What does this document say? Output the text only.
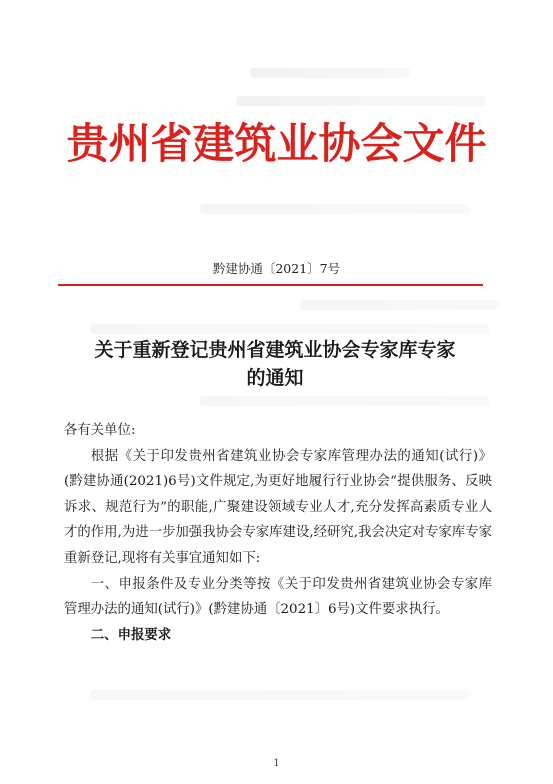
贵州省建筑业协会文件
黔建协通〔2021〕7号
关于重新登记贵州省建筑业协会专家库专家
的通知

各有关单位:

根据《关于印发贵州省建筑业协会专家库管理办法的通知(试行)》(黔建协通(2021)6号)文件规定,为更好地履行行业协会“提供服务、反映诉求、规范行为”的职能,广聚建设领域专业人才,充分发挥高素质专业人才的作用,为进一步加强我协会专家库建设,经研究,我会决定对专家库专家重新登记,现将有关事宜通知如下:

一、申报条件及专业分类等按《关于印发贵州省建筑业协会专家库管理办法的通知(试行)》(黔建协通〔2021〕6号)文件要求执行。

二、申报要求

1
